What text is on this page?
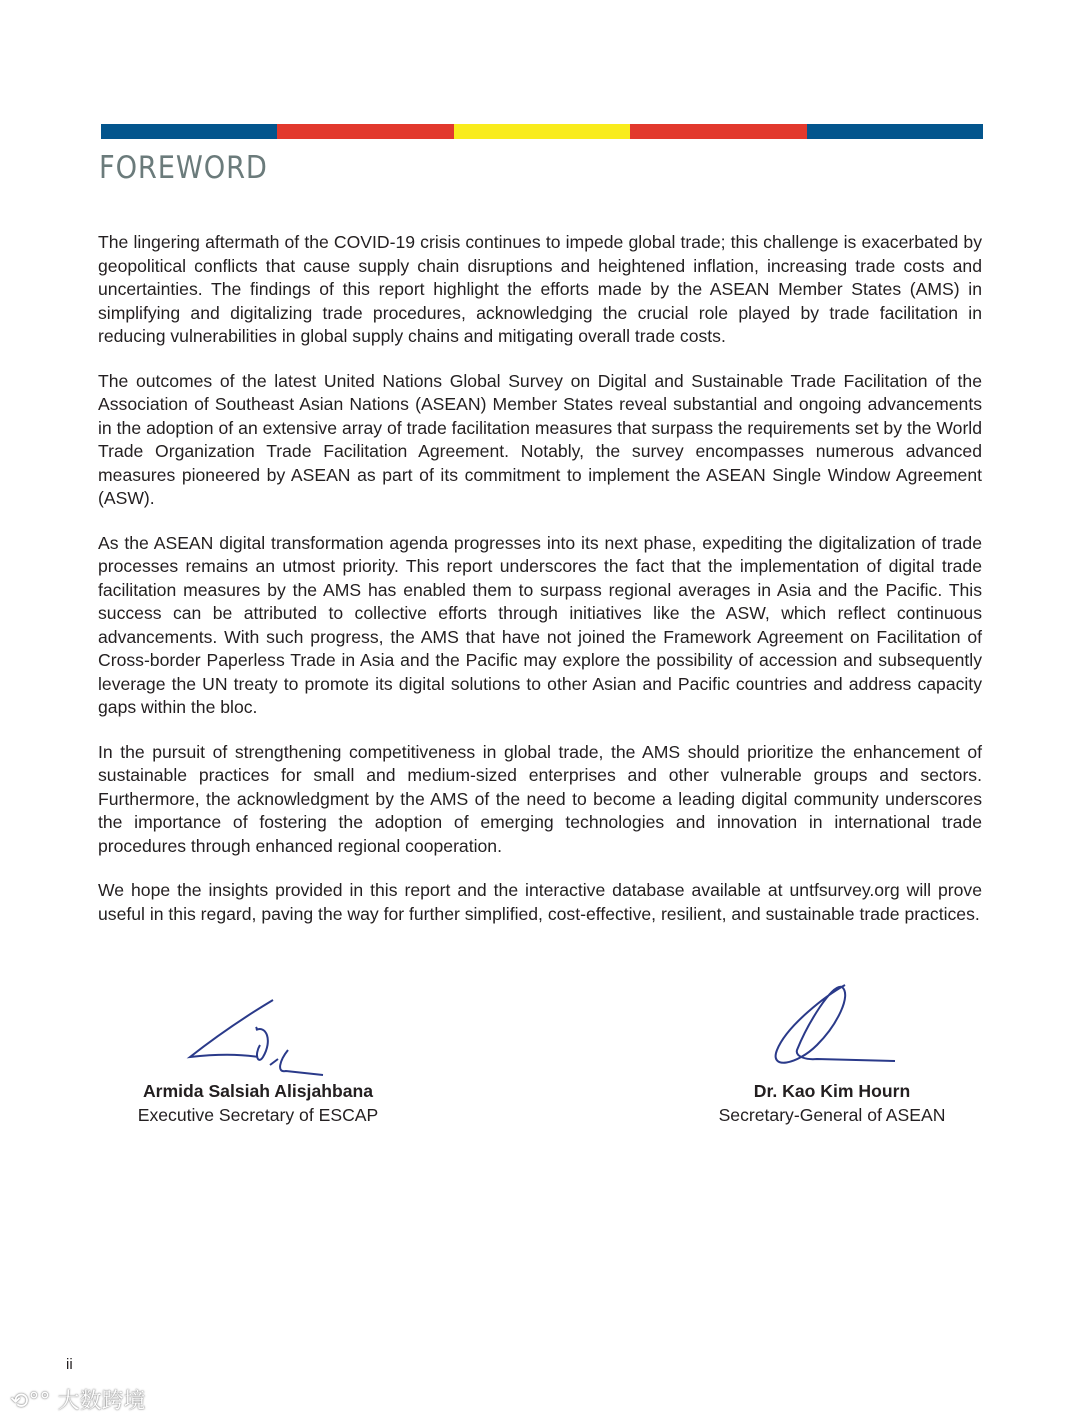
FOREWORD

The lingering aftermath of the COVID-19 crisis continues to impede global trade; this challenge is exacerbated by geopolitical conflicts that cause supply chain disruptions and heightened inflation, increasing trade costs and uncertainties. The findings of this report highlight the efforts made by the ASEAN Member States (AMS) in simplifying and digitalizing trade procedures, acknowledging the crucial role played by trade facilitation in reducing vulnerabilities in global supply chains and mitigating overall trade costs.

The outcomes of the latest United Nations Global Survey on Digital and Sustainable Trade Facilitation of the Association of Southeast Asian Nations (ASEAN) Member States reveal substantial and ongoing advancements in the adoption of an extensive array of trade facilitation measures that surpass the requirements set by the World Trade Organization Trade Facilitation Agreement. Notably, the survey encompasses numerous advanced measures pioneered by ASEAN as part of its commitment to implement the ASEAN Single Window Agreement (ASW).

As the ASEAN digital transformation agenda progresses into its next phase, expediting the digitalization of trade processes remains an utmost priority. This report underscores the fact that the implementation of digital trade facilitation measures by the AMS has enabled them to surpass regional averages in Asia and the Pacific. This success can be attributed to collective efforts through initiatives like the ASW, which reflect continuous advancements. With such progress, the AMS that have not joined the Framework Agreement on Facilitation of Cross-border Paperless Trade in Asia and the Pacific may explore the possibility of accession and subsequently leverage the UN treaty to promote its digital solutions to other Asian and Pacific countries and address capacity gaps within the bloc.

In the pursuit of strengthening competitiveness in global trade, the AMS should prioritize the enhancement of sustainable practices for small and medium-sized enterprises and other vulnerable groups and sectors. Furthermore, the acknowledgment by the AMS of the need to become a leading digital community underscores the importance of fostering the adoption of emerging technologies and innovation in international trade procedures through enhanced regional cooperation.

We hope the insights provided in this report and the interactive database available at untfsurvey.org will prove useful in this regard, paving the way for further simplified, cost-effective, resilient, and sustainable trade practices.

Armida Salsiah Alisjahbana
Executive Secretary of ESCAP
Dr. Kao Kim Hourn
Secretary-General of ASEAN
ii
⟲°° 大数跨境
